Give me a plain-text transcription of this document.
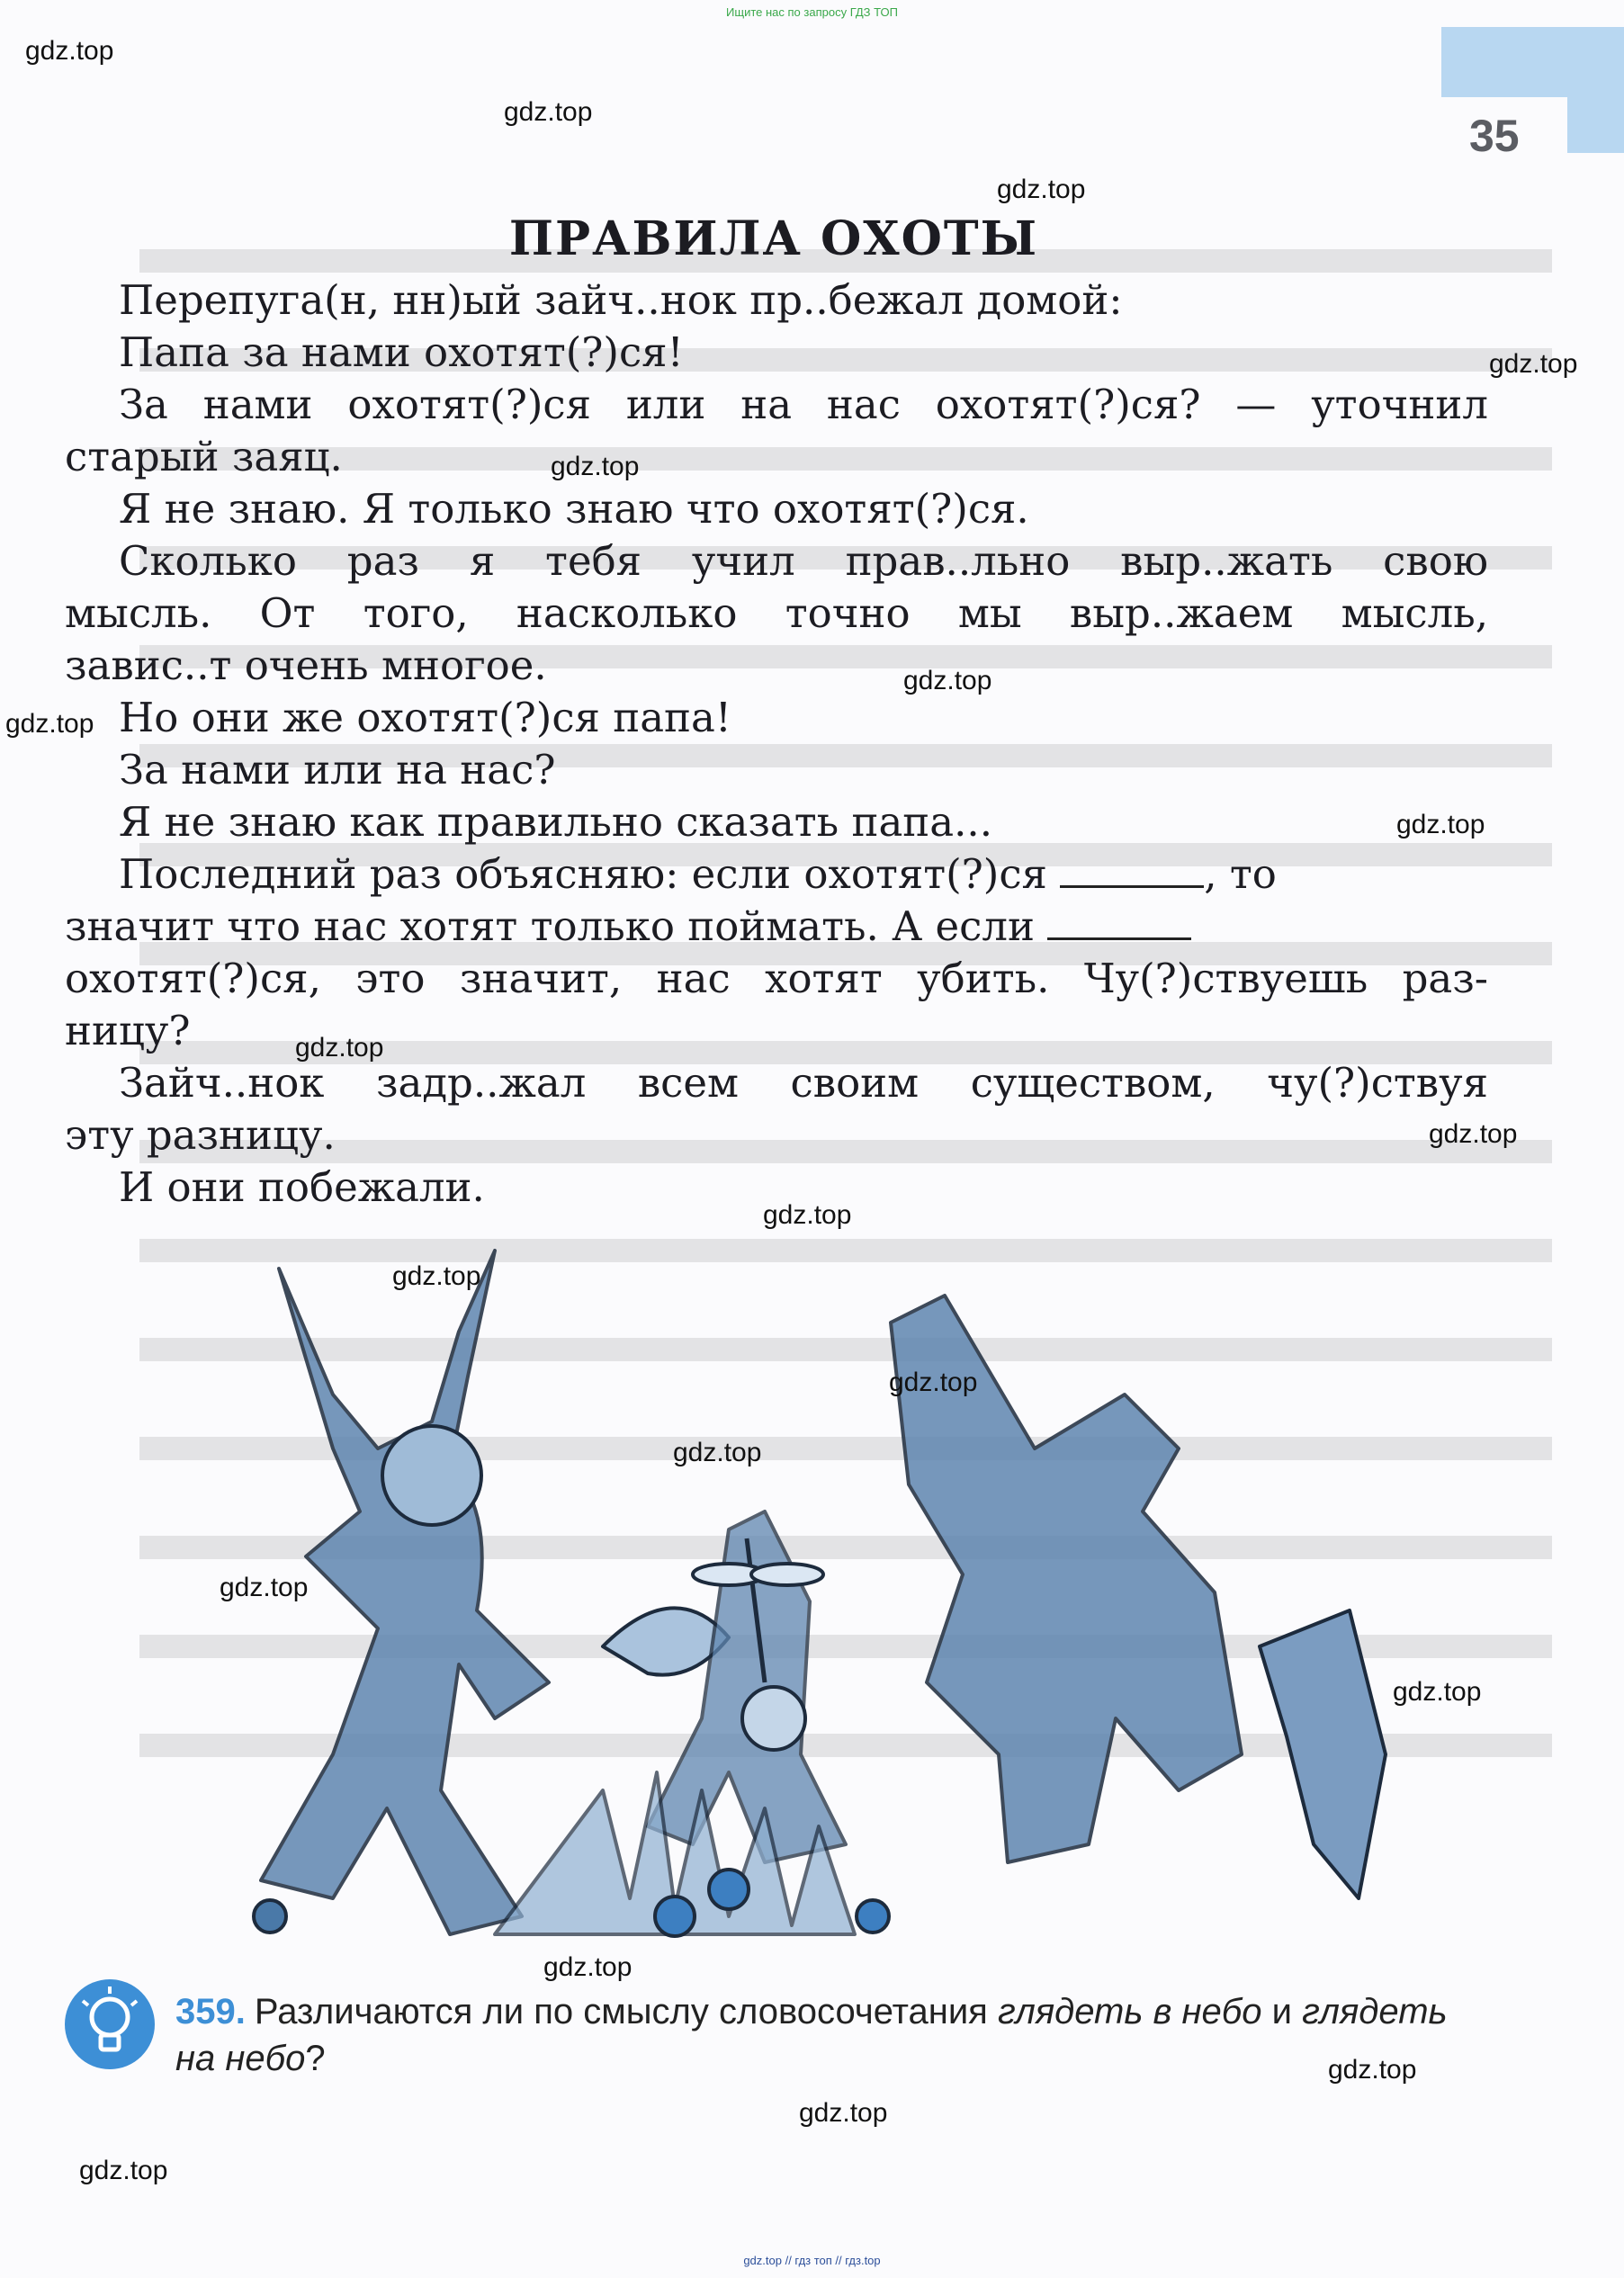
Ищите нас по запросу ГДЗ ТОП
35
ПРАВИЛА ОХОТЫ
Перепуга(н, нн)ый зайч..нок пр..бежал домой:
Папа за нами охотят(?)ся!
За нами охотят(?)ся или на нас охотят(?)ся? — уточнил
старый заяц.
Я не знаю. Я только знаю что охотят(?)ся.
Сколько раз я тебя учил прав..льно выр..жать свою
мысль. От того, насколько точно мы выр..жаем мысль,
завис..т очень многое.
Но они же охотят(?)ся папа!
За нами или на нас?
Я не знаю как правильно сказать папа...
Последний раз объясняю: если охотят(?)ся	, то
значит что нас хотят только поймать. А если
охотят(?)ся, это значит, нас хотят убить. Чу(?)ствуешь раз-
ницу?
Зайч..нок задр..жал всем своим существом, чу(?)ствуя
эту разницу.
И они побежали.
359. Различаются ли по смыслу словосочетания глядеть в небо и глядеть на небо?
gdz.top
gdz.top
gdz.top
gdz.top
gdz.top
gdz.top
gdz.top
gdz.top
gdz.top
gdz.top
gdz.top
gdz.top
gdz.top
gdz.top
gdz.top
gdz.top
gdz.top
gdz.top
gdz.top
gdz.top
gdz.top // гдз топ // гдз.top
